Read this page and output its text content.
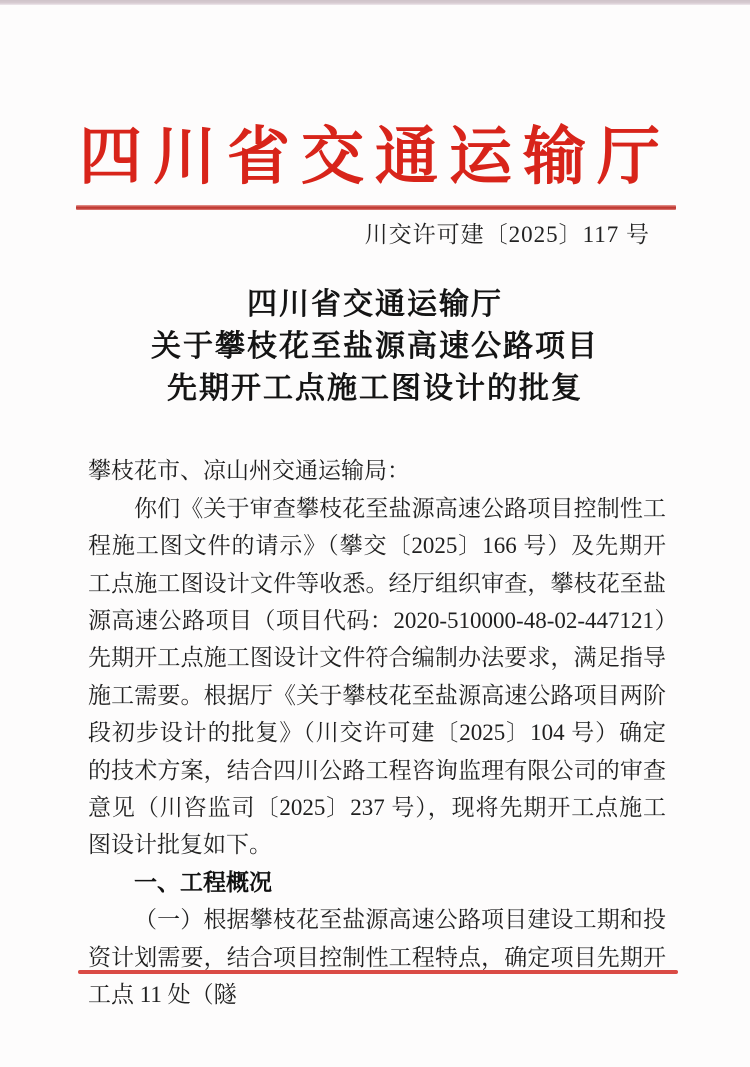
四川省交通运输厅
川交许可建〔2025〕117 号
四川省交通运输厅
关于攀枝花至盐源高速公路项目
先期开工点施工图设计的批复

攀枝花市、凉山州交通运输局：

你们《关于审查攀枝花至盐源高速公路项目控制性工程施工图文件的请示》（攀交〔2025〕166 号）及先期开工点施工图设计文件等收悉。经厅组织审查，攀枝花至盐源高速公路项目（项目代码：2020-510000-48-02-447121）先期开工点施工图设计文件符合编制办法要求，满足指导施工需要。根据厅《关于攀枝花至盐源高速公路项目两阶段初步设计的批复》（川交许可建〔2025〕104 号）确定的技术方案，结合四川公路工程咨询监理有限公司的审查意见（川咨监司〔2025〕237 号），现将先期开工点施工图设计批复如下。

一、工程概况

（一）根据攀枝花至盐源高速公路项目建设工期和投资计划需要，结合项目控制性工程特点，确定项目先期开工点 11 处（隧
